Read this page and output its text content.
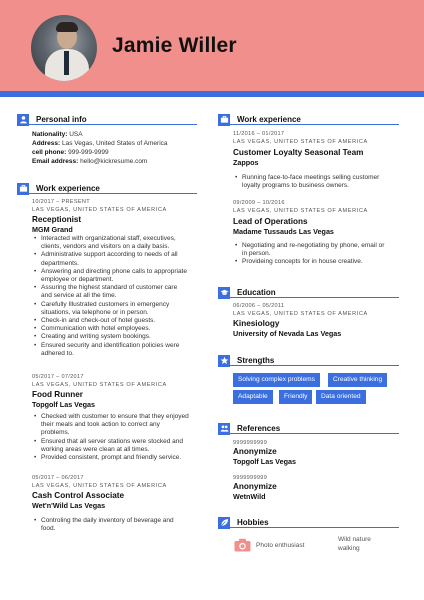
Jamie Willer
Personal info
Nationality: USA
Address: Las Vegas, United States of America
cell phone: 999-999-9999
Email address: hello@kickresume.com
Work experience
10/2017 – PRESENT
LAS VEGAS, UNITED STATES OF AMERICA
Receptionist
MGM Grand
• Interacted with organizational staff, executives,
clients, vendors and visitors on a daily basis.
• Administrative support according to needs of all
departments.
• Answering and directing phone calls to appropriate
employee or department.
• Assuring the highest standard of customer care
and service at all the time.
• Carefully Illustrated customers in emergency
situations, via telephone or in person.
• Check-in and check-out of hotel guests.
• Communication with hotel employees.
• Creating and writing system bookings.
• Ensured security and identification policies were
adhered to.
05/2017 – 07/2017
LAS VEGAS, UNITED STATES OF AMERICA
Food Runner
Topgolf Las Vegas
• Checked with customer to ensure that they enjoyed
their meals and took action to correct any
problems.
• Ensured that all server stations were stocked and
working areas were clean at all times.
• Provided consistent, prompt and friendly service.
05/2017 – 06/2017
LAS VEGAS, UNITED STATES OF AMERICA
Cash Control Associate
Wet'n'Wild Las Vegas
• Controling the daily inventory of beverage and
food.
Work experience
11/2016 – 01/2017
LAS VEGAS, UNITED STATES OF AMERICA
Customer Loyalty Seasonal Team
Zappos
• Running face-to-face meetings selling customer
loyalty programs to business owners.
09/2009 – 10/2016
LAS VEGAS, UNITED STATES OF AMERICA
Lead of Operations
Madame Tussauds Las Vegas
• Negotiating and re-negotiating by phone, email or
in person.
• Provideing concepts for in house creative.
Education
06/2006 – 05/2011
LAS VEGAS, UNITED STATES OF AMERICA
Kinesiology
University of Nevada Las Vegas
Strengths
Solving complex problems	Creative thinking
Adaptable	Friendly	Data oriented
References
9999999999
Anonymize
Topgolf Las Vegas
9999999999
Anonymize
WetnWild
Hobbies
Photo enthusiast
Wild nature
walking
